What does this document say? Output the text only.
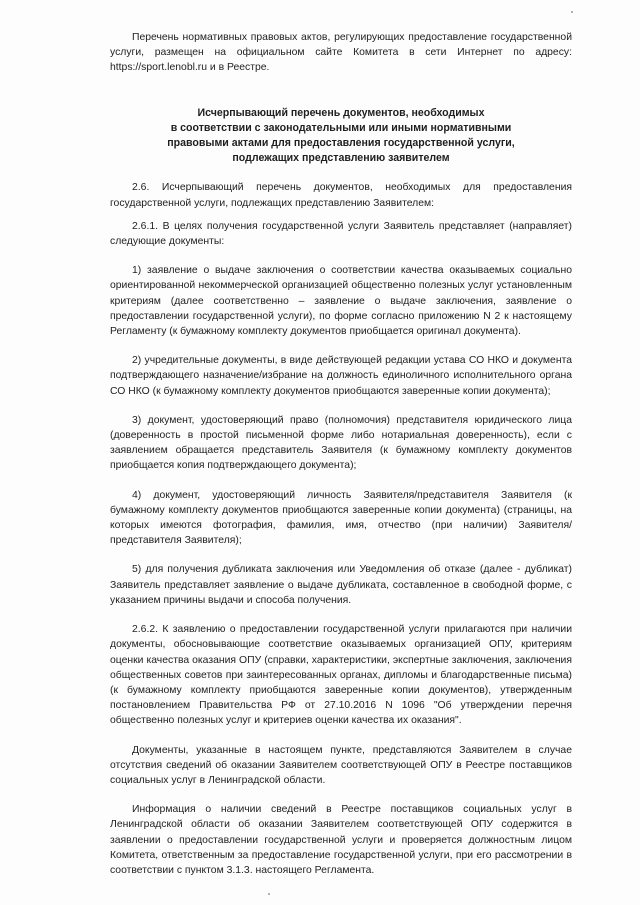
Перечень нормативных правовых актов, регулирующих предоставление государственной услуги, размещен на официальном сайте Комитета в сети Интернет по адресу: https://sport.lenobl.ru и в Реестре.

Исчерпывающий перечень документов, необходимых
в соответствии с законодательными или иными нормативными
правовыми актами для предоставления государственной услуги,
подлежащих представлению заявителем

2.6. Исчерпывающий перечень документов, необходимых для предоставления государственной услуги, подлежащих представлению Заявителем:

2.6.1. В целях получения государственной услуги Заявитель представляет (направляет) следующие документы:

1) заявление о выдаче заключения о соответствии качества оказываемых социально ориентированной некоммерческой организацией общественно полезных услуг установленным критериям (далее соответственно – заявление о выдаче заключения, заявление о предоставлении государственной услуги), по форме согласно приложению N 2 к настоящему Регламенту (к бумажному комплекту документов приобщается оригинал документа).

2) учредительные документы, в виде действующей редакции устава СО НКО и документа подтверждающего назначение/избрание на должность единоличного исполнительного органа СО НКО (к бумажному комплекту документов приобщаются заверенные копии документа);

3) документ, удостоверяющий право (полномочия) представителя юридического лица (доверенность в простой письменной форме либо нотариальная доверенность), если с заявлением обращается представитель Заявителя (к бумажному комплекту документов приобщается копия подтверждающего документа);

4) документ, удостоверяющий личность Заявителя/представителя Заявителя (к бумажному комплекту документов приобщаются заверенные копии документа) (страницы, на которых имеются фотография, фамилия, имя, отчество (при наличии) Заявителя/представителя Заявителя);

5) для получения дубликата заключения или Уведомления об отказе (далее - дубликат) Заявитель представляет заявление о выдаче дубликата, составленное в свободной форме, с указанием причины выдачи и способа получения.

2.6.2. К заявлению о предоставлении государственной услуги прилагаются при наличии документы, обосновывающие соответствие оказываемых организацией ОПУ, критериям оценки качества оказания ОПУ (справки, характеристики, экспертные заключения, заключения общественных советов при заинтересованных органах, дипломы и благодарственные письма) (к бумажному комплекту приобщаются заверенные копии документов), утвержденным постановлением Правительства РФ от 27.10.2016 N 1096 "Об утверждении перечня общественно полезных услуг и критериев оценки качества их оказания".

Документы, указанные в настоящем пункте, представляются Заявителем в случае отсутствия сведений об оказании Заявителем соответствующей ОПУ в Реестре поставщиков социальных услуг в Ленинградской области.

Информация о наличии сведений в Реестре поставщиков социальных услуг в Ленинградской области об оказании Заявителем соответствующей ОПУ содержится в заявлении о предоставлении государственной услуги и проверяется должностным лицом Комитета, ответственным за предоставление государственной услуги, при его рассмотрении в соответствии с пунктом 3.1.3. настоящего Регламента.
